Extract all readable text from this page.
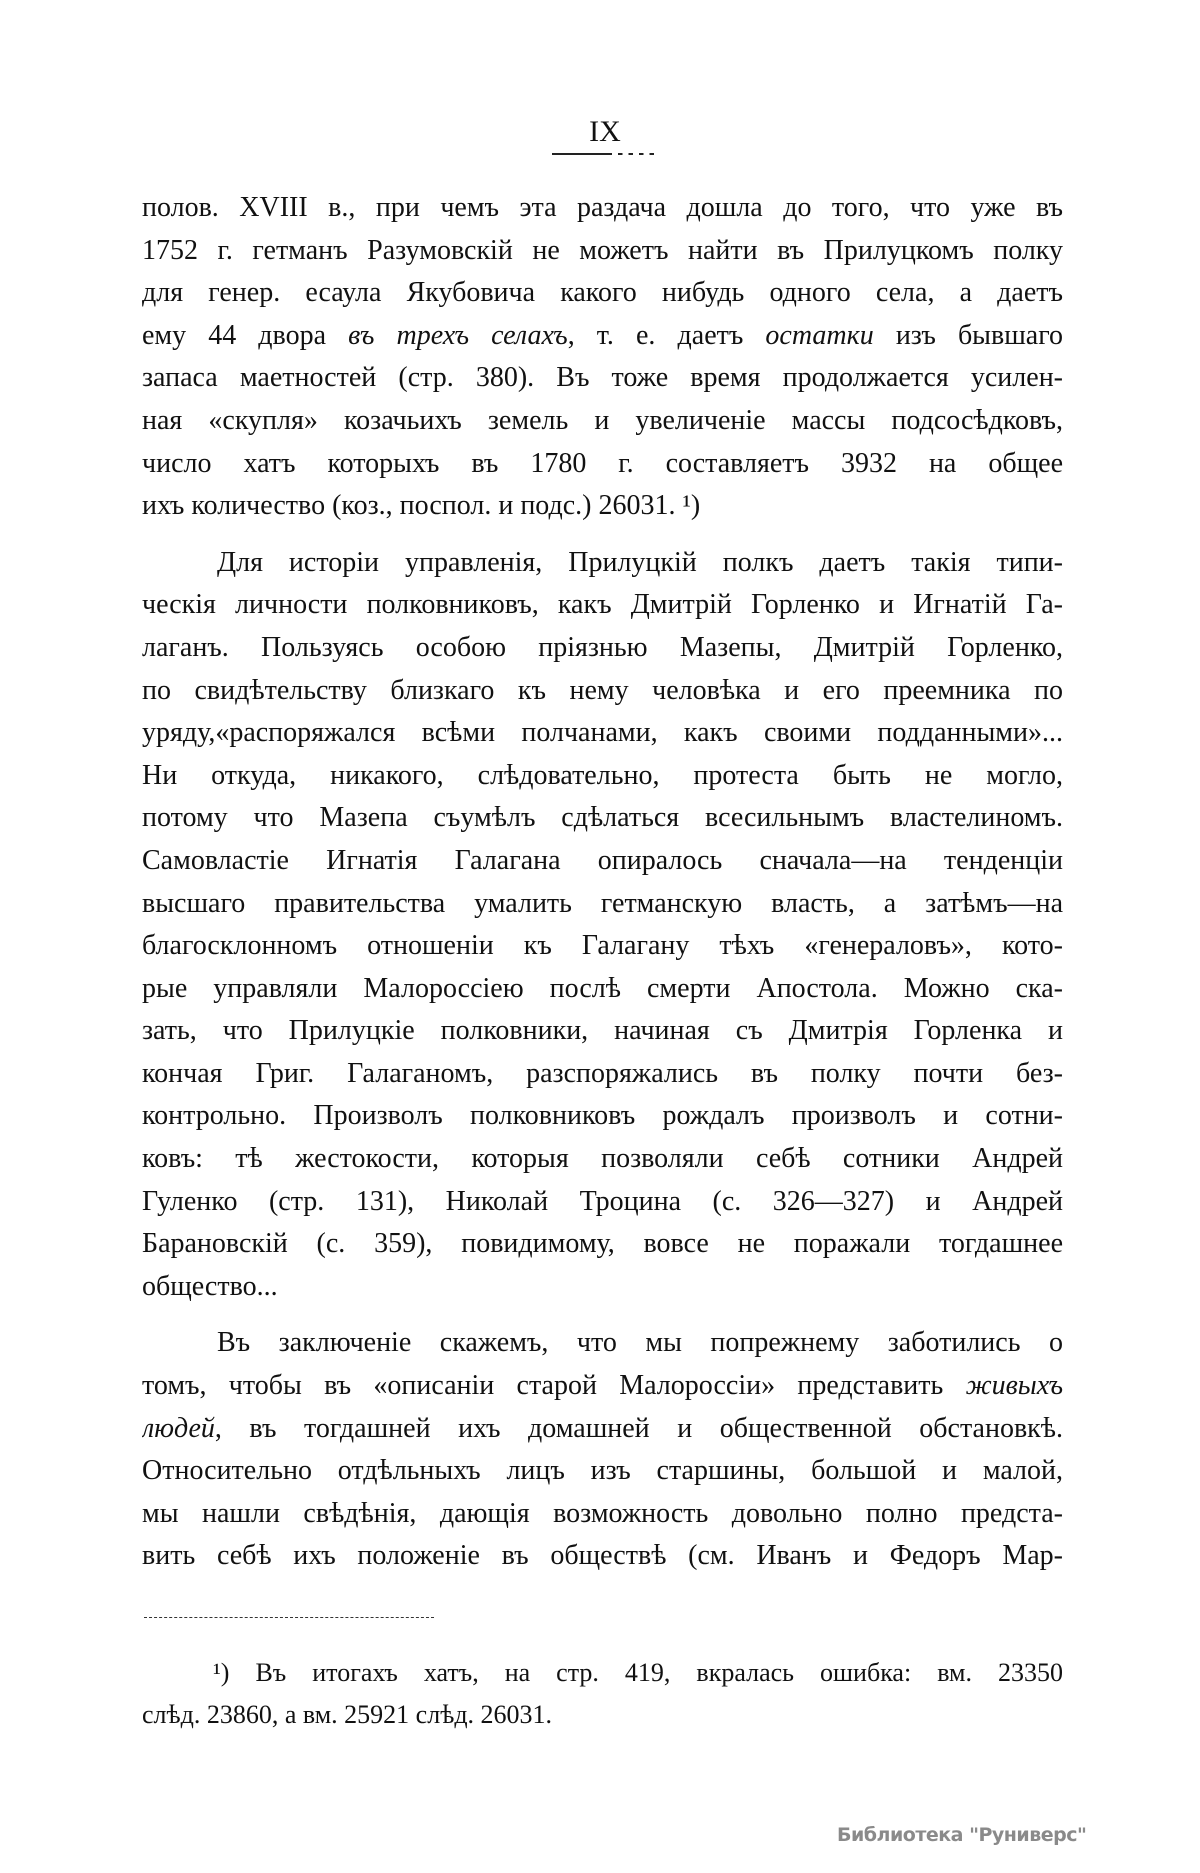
IX
полов. XVIII в., при чемъ эта раздача дошла до того, что уже въ
1752 г. гетманъ Разумовскій не можетъ найти въ Прилуцкомъ полку
для генер. есаула Якубовича какого нибудь одного села, а даетъ
ему 44 двора въ трехъ селахъ, т. е. даетъ остатки изъ бывшаго
запаса маетностей (стр. 380). Въ тоже время продолжается усилен-
ная «скупля» козачьихъ земель и увеличеніе массы подсосѣдковъ,
число хатъ которыхъ въ 1780 г. составляетъ 3932 на общее
ихъ количество (коз., поспол. и подс.) 26031. ¹)
Для исторіи управленія, Прилуцкій полкъ даетъ такія типи-
ческія личности полковниковъ, какъ Дмитрій Горленко и Игнатій Га-
лаганъ. Пользуясь особою пріязнью Мазепы, Дмитрій Горленко,
по свидѣтельству близкаго къ нему человѣка и его преемника по
уряду,«распоряжался всѣми полчанами, какъ своими подданными»...
Ни откуда, никакого, слѣдовательно, протеста быть не могло,
потому что Мазепа съумѣлъ сдѣлаться всесильнымъ властелиномъ.
Самовластіе Игнатія Галагана опиралось сначала—на тенденціи
высшаго правительства умалить гетманскую власть, а затѣмъ—на
благосклонномъ отношеніи къ Галагану тѣхъ «генераловъ», кото-
рые управляли Малороссіею послѣ смерти Апостола. Можно ска-
зать, что Прилуцкіе полковники, начиная съ Дмитрія Горленка и
кончая Григ. Галаганомъ, разспоряжались въ полку почти без-
контрольно. Произволъ полковниковъ рождалъ произволъ и сотни-
ковъ: тѣ жестокости, которыя позволяли себѣ сотники Андрей
Гуленко (стр. 131), Николай Троцина (с. 326—327) и Андрей
Барановскій (с. 359), повидимому, вовсе не поражали тогдашнее
общество...
Въ заключеніе скажемъ, что мы попрежнему заботились о
томъ, чтобы въ «описаніи старой Малороссіи» представить живыхъ
людей, въ тогдашней ихъ домашней и общественной обстановкѣ.
Относительно отдѣльныхъ лицъ изъ старшины, большой и малой,
мы нашли свѣдѣнія, дающія возможность довольно полно предста-
вить себѣ ихъ положеніе въ обществѣ (см. Иванъ и Федоръ Мар-
¹) Въ итогахъ хатъ, на стр. 419, вкралась ошибка: вм. 23350
слѣд. 23860, а вм. 25921 слѣд. 26031.
Библиотека "Руниверс"
